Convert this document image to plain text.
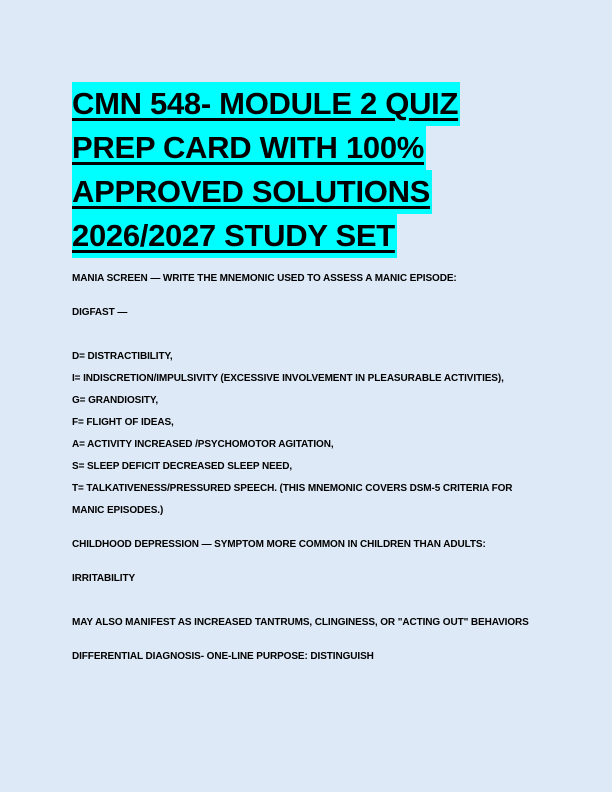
CMN 548- MODULE 2 QUIZ
PREP CARD WITH 100%
APPROVED SOLUTIONS
2026/2027 STUDY SET
MANIA SCREEN — WRITE THE MNEMONIC USED TO ASSESS A MANIC EPISODE:
DIGFAST —
D= DISTRACTIBILITY,
I= INDISCRETION/IMPULSIVITY (EXCESSIVE INVOLVEMENT IN PLEASURABLE ACTIVITIES),
G= GRANDIOSITY,
F= FLIGHT OF IDEAS,
A= ACTIVITY INCREASED /PSYCHOMOTOR AGITATION,
S= SLEEP DEFICIT DECREASED SLEEP NEED,
T= TALKATIVENESS/PRESSURED SPEECH. (THIS MNEMONIC COVERS DSM-5 CRITERIA FOR
MANIC EPISODES.)
CHILDHOOD DEPRESSION — SYMPTOM MORE COMMON IN CHILDREN THAN ADULTS:
IRRITABILITY
MAY ALSO MANIFEST AS INCREASED TANTRUMS, CLINGINESS, OR "ACTING OUT" BEHAVIORS
DIFFERENTIAL DIAGNOSIS- ONE-LINE PURPOSE: DISTINGUISH
